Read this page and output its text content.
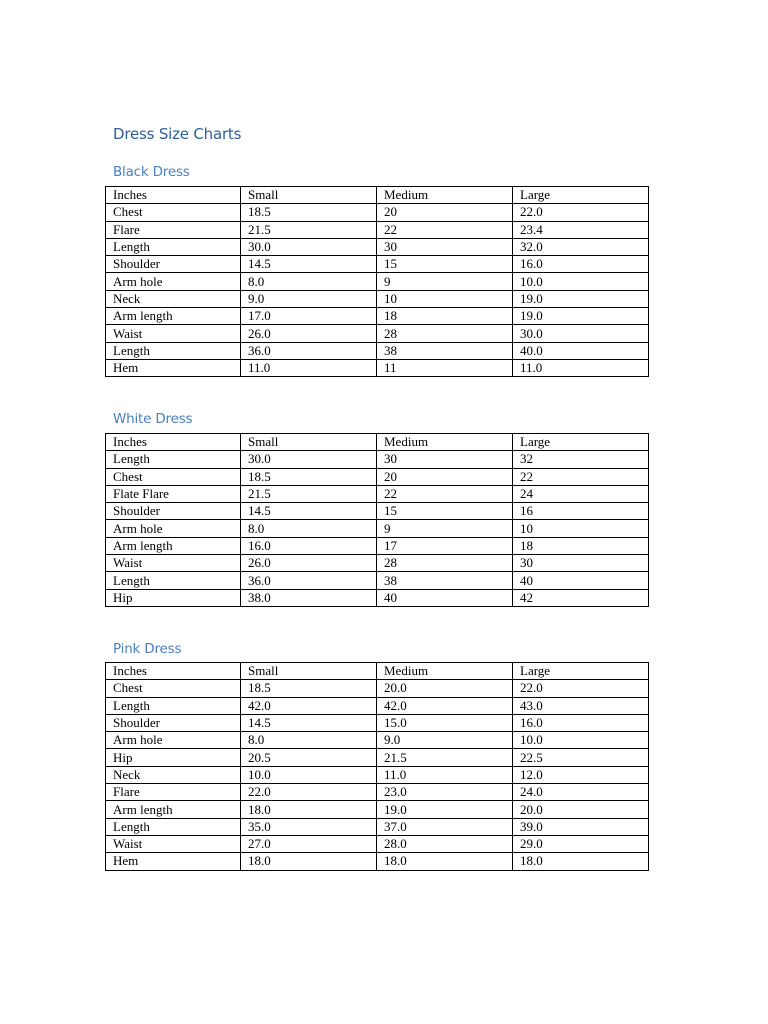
Dress Size Charts
Black Dress
Inches	Small	Medium	Large
Chest	18.5	20	22.0
Flare	21.5	22	23.4
Length	30.0	30	32.0
Shoulder	14.5	15	16.0
Arm hole	8.0	9	10.0
Neck	9.0	10	19.0
Arm length	17.0	18	19.0
Waist	26.0	28	30.0
Length	36.0	38	40.0
Hem	11.0	11	11.0
White Dress
Inches	Small	Medium	Large
Length	30.0	30	32
Chest	18.5	20	22
Flate Flare	21.5	22	24
Shoulder	14.5	15	16
Arm hole	8.0	9	10
Arm length	16.0	17	18
Waist	26.0	28	30
Length	36.0	38	40
Hip	38.0	40	42
Pink Dress
Inches	Small	Medium	Large
Chest	18.5	20.0	22.0
Length	42.0	42.0	43.0
Shoulder	14.5	15.0	16.0
Arm hole	8.0	9.0	10.0
Hip	20.5	21.5	22.5
Neck	10.0	11.0	12.0
Flare	22.0	23.0	24.0
Arm length	18.0	19.0	20.0
Length	35.0	37.0	39.0
Waist	27.0	28.0	29.0
Hem	18.0	18.0	18.0
